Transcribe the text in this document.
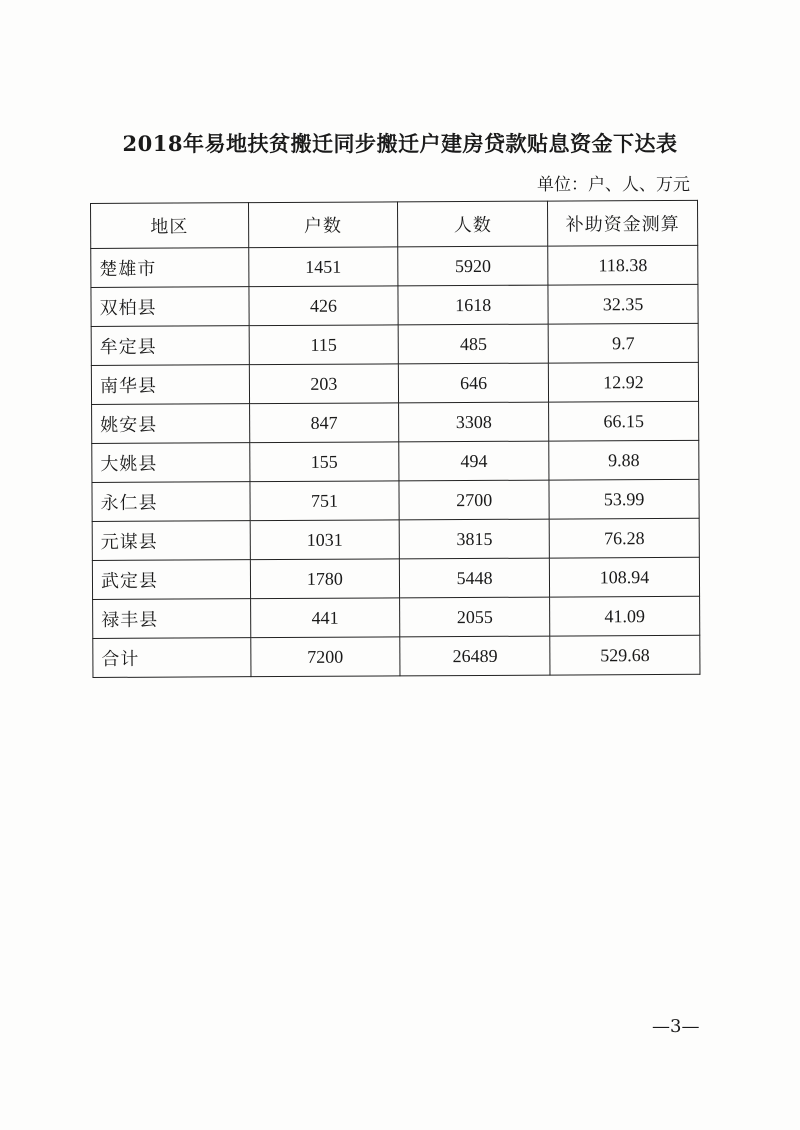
2018年易地扶贫搬迁同步搬迁户建房贷款贴息资金下达表
单位：户、人、万元
地区	户数	人数	补助资金测算
楚雄市	1451	5920	118.38
双柏县	426	1618	32.35
牟定县	115	485	9.7
南华县	203	646	12.92
姚安县	847	3308	66.15
大姚县	155	494	9.88
永仁县	751	2700	53.99
元谋县	1031	3815	76.28
武定县	1780	5448	108.94
禄丰县	441	2055	41.09
合计	7200	26489	529.68
—3—
